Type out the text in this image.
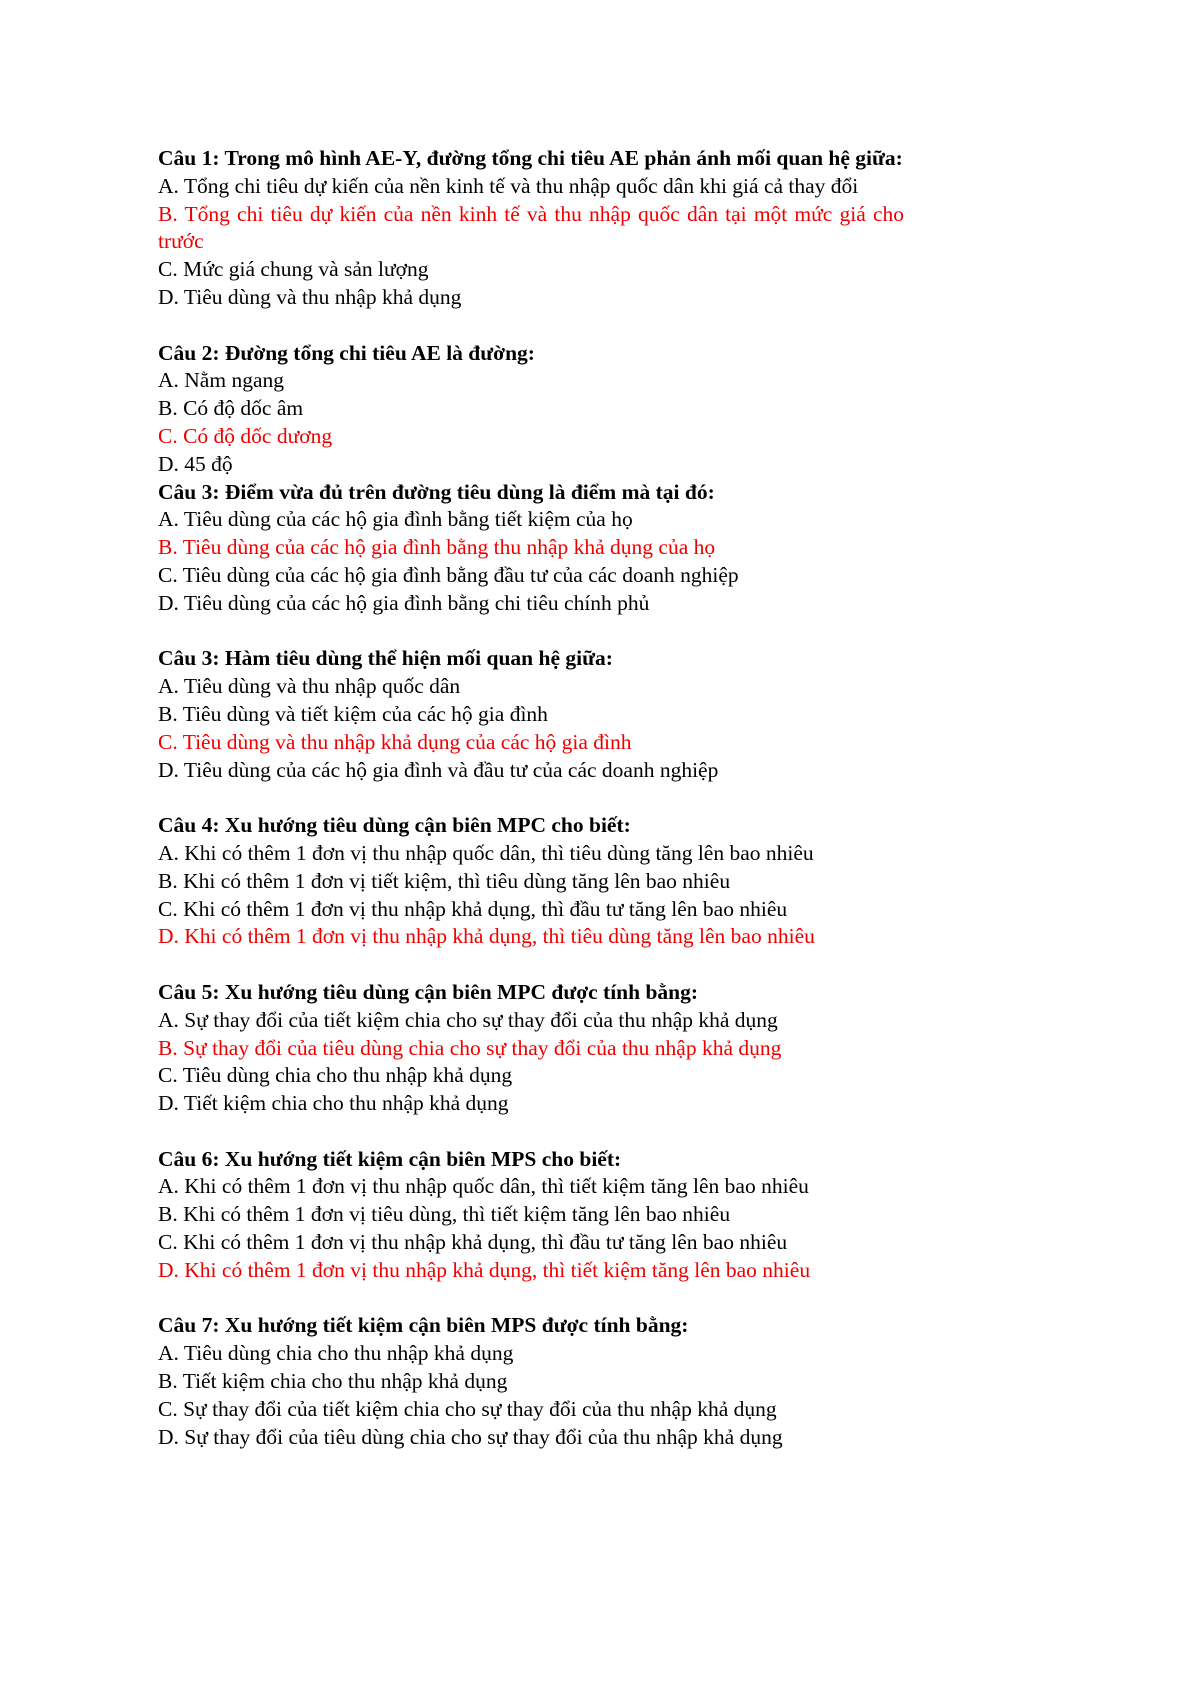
Câu 1: Trong mô hình AE-Y, đường tổng chi tiêu AE phản ánh mối quan hệ giữa:

A. Tổng chi tiêu dự kiến của nền kinh tế và thu nhập quốc dân khi giá cả thay đổi

B. Tổng chi tiêu dự kiến của nền kinh tế và thu nhập quốc dân tại một mức giá cho trước

C. Mức giá chung và sản lượng

D. Tiêu dùng và thu nhập khả dụng

Câu 2: Đường tổng chi tiêu AE là đường:

A. Nằm ngang

B. Có độ dốc âm

C. Có độ dốc dương

D. 45 độ

Câu 3: Điểm vừa đủ trên đường tiêu dùng là điểm mà tại đó:

A. Tiêu dùng của các hộ gia đình bằng tiết kiệm của họ

B. Tiêu dùng của các hộ gia đình bằng thu nhập khả dụng của họ

C. Tiêu dùng của các hộ gia đình bằng đầu tư của các doanh nghiệp

D. Tiêu dùng của các hộ gia đình bằng chi tiêu chính phủ

Câu 3: Hàm tiêu dùng thể hiện mối quan hệ giữa:

A. Tiêu dùng và thu nhập quốc dân

B. Tiêu dùng và tiết kiệm của các hộ gia đình

C. Tiêu dùng và thu nhập khả dụng của các hộ gia đình

D. Tiêu dùng của các hộ gia đình và đầu tư của các doanh nghiệp

Câu 4: Xu hướng tiêu dùng cận biên MPC cho biết:

A. Khi có thêm 1 đơn vị thu nhập quốc dân, thì tiêu dùng tăng lên bao nhiêu

B. Khi có thêm 1 đơn vị tiết kiệm, thì tiêu dùng tăng lên bao nhiêu

C. Khi có thêm 1 đơn vị thu nhập khả dụng, thì đầu tư tăng lên bao nhiêu

D. Khi có thêm 1 đơn vị thu nhập khả dụng, thì tiêu dùng tăng lên bao nhiêu

Câu 5: Xu hướng tiêu dùng cận biên MPC được tính bằng:

A. Sự thay đổi của tiết kiệm chia cho sự thay đổi của thu nhập khả dụng

B. Sự thay đổi của tiêu dùng chia cho sự thay đổi của thu nhập khả dụng

C. Tiêu dùng chia cho thu nhập khả dụng

D. Tiết kiệm chia cho thu nhập khả dụng

Câu 6: Xu hướng tiết kiệm cận biên MPS cho biết:

A. Khi có thêm 1 đơn vị thu nhập quốc dân, thì tiết kiệm tăng lên bao nhiêu

B. Khi có thêm 1 đơn vị tiêu dùng, thì tiết kiệm tăng lên bao nhiêu

C. Khi có thêm 1 đơn vị thu nhập khả dụng, thì đầu tư tăng lên bao nhiêu

D. Khi có thêm 1 đơn vị thu nhập khả dụng, thì tiết kiệm tăng lên bao nhiêu

Câu 7: Xu hướng tiết kiệm cận biên MPS được tính bằng:

A. Tiêu dùng chia cho thu nhập khả dụng

B. Tiết kiệm chia cho thu nhập khả dụng

C. Sự thay đổi của tiết kiệm chia cho sự thay đổi của thu nhập khả dụng

D. Sự thay đổi của tiêu dùng chia cho sự thay đổi của thu nhập khả dụng
